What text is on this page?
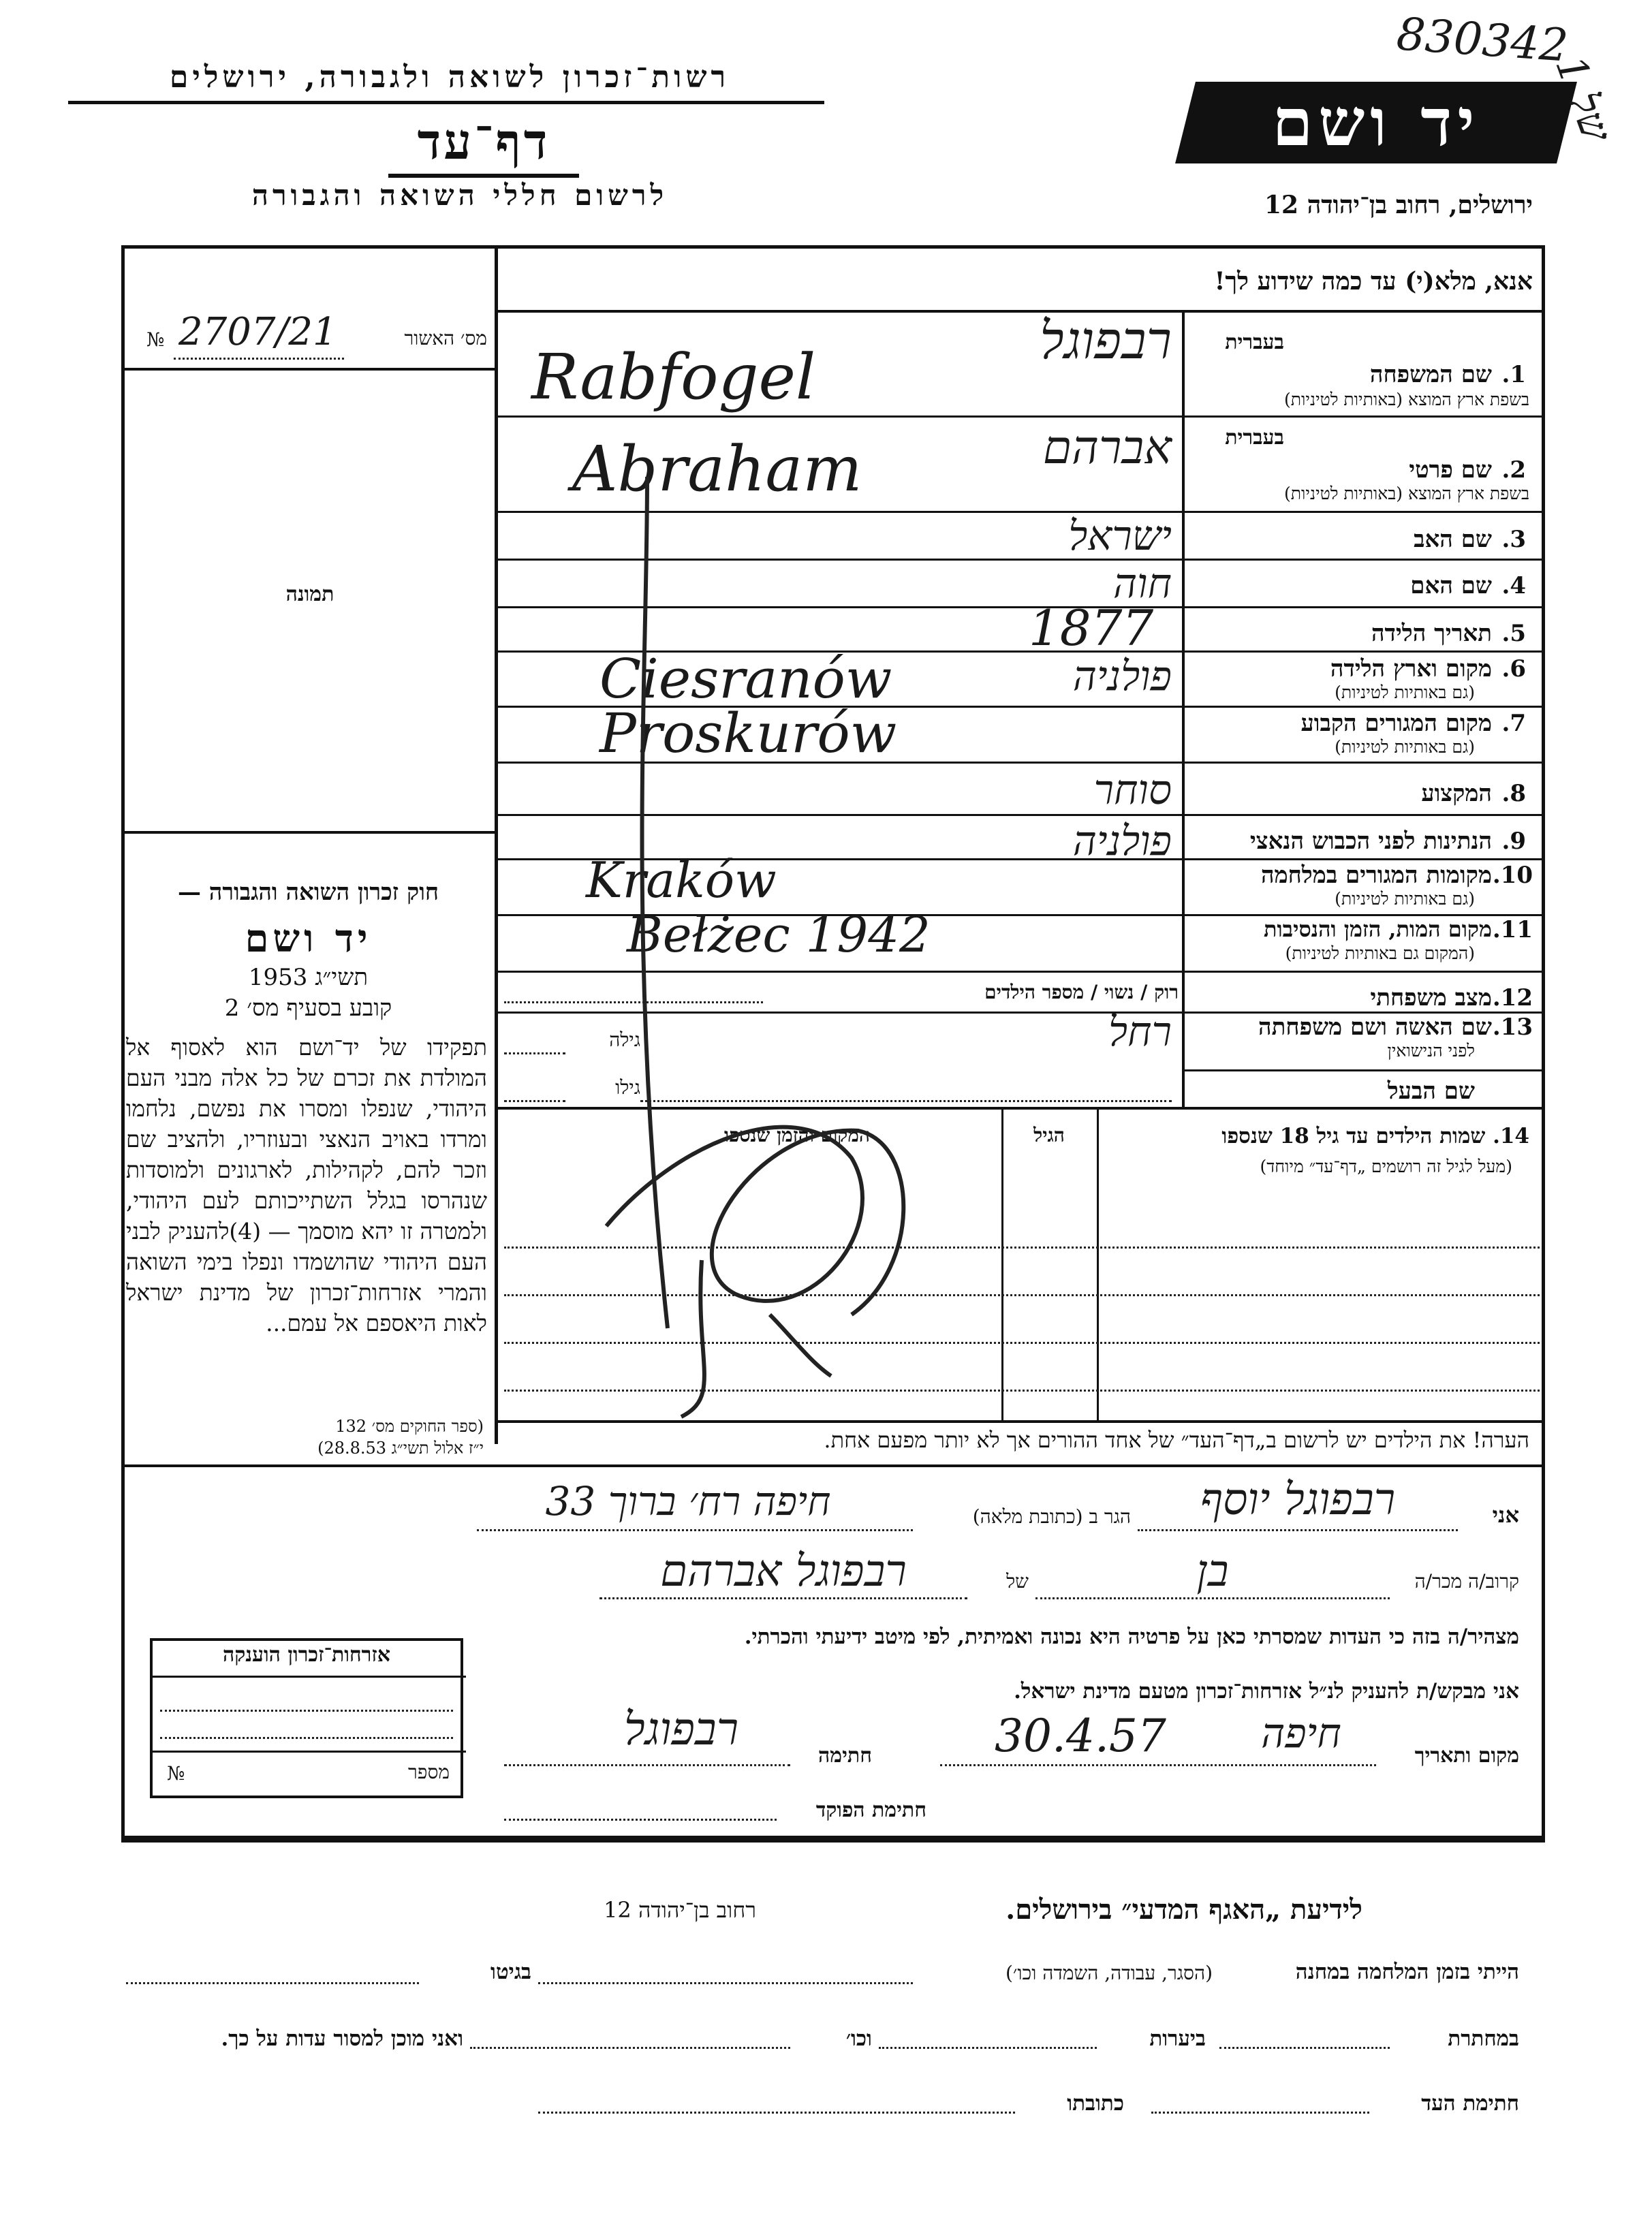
רשות־זכרון לשואה ולגבורה, ירושלים
דף־עד
לרשום חללי השואה והגבורה
יד ושם
ירושלים, רחוב בן־יהודה 12
830342
של 1
מס׳ האשור
№ 2707/21
תמונה
חוק זכרון השואה והגבורה —
יד ושם
תשי״ג 1953
קובע בסעיף מס׳ 2
תפקידו של יד־ושם הוא לאסוף אל המולדת את זכרם של כל אלה מבני העם היהודי, שנפלו ומסרו את נפשם, נלחמו ומרדו באויב הנאצי ובעוזריו, ולהציב שם וזכר להם, לקהילות, לארגונים ולמוסדות שנהרסו בגלל השתייכותם לעם היהודי, ולמטרה זו יהא מוסמך — (4)להעניק לבני העם היהודי שהושמדו ונפלו בימי השואה והמרי אזרחות־זכרון של מדינת ישראל לאות היאספם אל עמם...
(ספר החוקים מס׳ 132
י״ז אלול תשי״ג 28.8.53)
אזרחות־זכרון הוענקה
מספר
№
אנא, מלא(י) עד כמה שידוע לך!
בעברית
1.
שם המשפחה
בשפת ארץ המוצא (באותיות לטיניות)
בעברית
2.
שם פרטי
בשפת ארץ המוצא (באותיות לטיניות)
3.
שם האב
4.
שם האם
5.
תאריך הלידה
6.
מקום וארץ הלידה
(גם באותיות לטיניות)
7.
מקום המגורים הקבוע
(גם באותיות לטיניות)
8.
המקצוע
9.
הנתינות לפני הכבוש הנאצי
10.
מקומות המגורים במלחמה
(גם באותיות לטיניות)
11.
מקום המות, הזמן והנסיבות
(המקום גם באותיות לטיניות)
12.
מצב משפחתי
13.
שם האשה ושם משפחתה
לפני הנישואין
שם הבעל
רבפוגל
Rabfogel
אברהם
Abraham
ישראל
חוה
1877
פולניה
Ciesranów
Proskurów
סוחר
פולניה
Kraków
Bełżec 1942
רוק / נשוי / מספר הילדים
רחל
גילה
גילו
14. שמות הילדים עד גיל 18 שנספו
(מעל לגיל זה רושמים „דף־עד״ מיוחד)
הגיל
המקום והזמן שנספו
הערה! את הילדים יש לרשום ב„דף־העד״ של אחד ההורים אך לא יותר מפעם אחת.
אני
רבפוגל יוסף
הגר ב (כתובת מלאה)
חיפה רח׳ ברוך 33
קרוב/ה מכר/ה
בן
של
רבפוגל אברהם
מצהיר/ה בזה כי העדות שמסרתי כאן על פרטיה היא נכונה ואמיתית, לפי מיטב ידיעתי והכרתי.
אני מבקש/ת להעניק לנ״ל אזרחות־זכרון מטעם מדינת ישראל.
מקום ותאריך
חיפה
30.4.57
חתימה
רבפוגל
חתימת הפוקד
לידיעת „האגף המדעי״ בירושלים.
רחוב בן־יהודה 12
הייתי בזמן המלחמה במחנה
(הסגר, עבודה, השמדה וכו׳)
בגיטו
במחתרת
ביערות
וכו׳
ואני מוכן למסור עדות על כך.
חתימת העד
כתובתו
